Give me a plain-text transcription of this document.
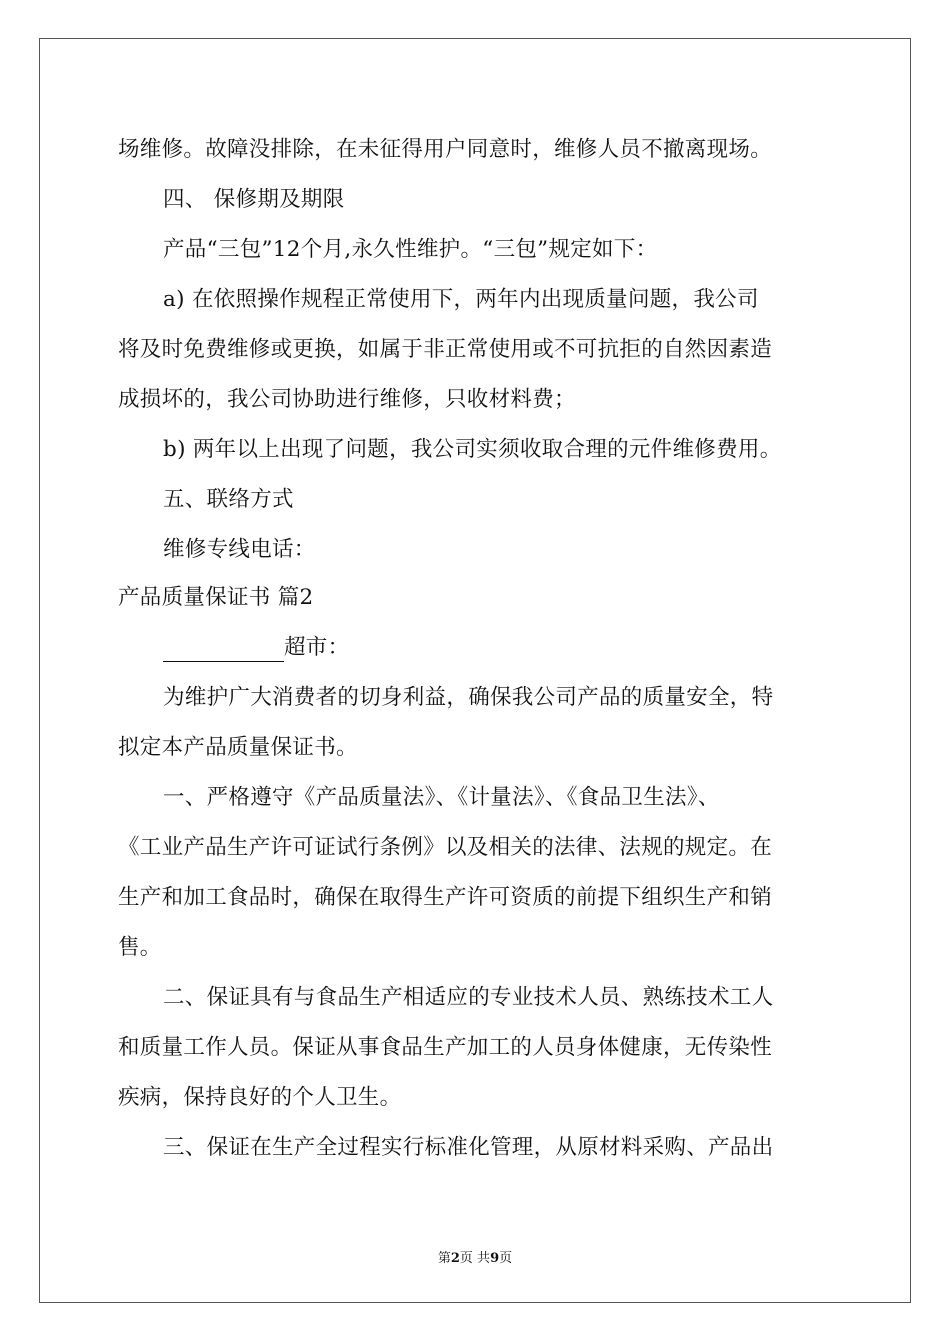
场维修。故障没排除，在未征得用户同意时，维修人员不撤离现场。
四、 保修期及期限
产品“三包”12个月,永久性维护。“三包”规定如下：
a) 在依照操作规程正常使用下，两年内出现质量问题，我公司
将及时免费维修或更换，如属于非正常使用或不可抗拒的自然因素造
成损坏的，我公司协助进行维修，只收材料费；
b) 两年以上出现了问题，我公司实须收取合理的元件维修费用。
五、联络方式
维修专线电话：
产品质量保证书 篇2
超市：
为维护广大消费者的切身利益，确保我公司产品的质量安全，特
拟定本产品质量保证书。
一、严格遵守《产品质量法》、《计量法》、《食品卫生法》、
《工业产品生产许可证试行条例》以及相关的法律、法规的规定。在
生产和加工食品时，确保在取得生产许可资质的前提下组织生产和销
售。
二、保证具有与食品生产相适应的专业技术人员、熟练技术工人
和质量工作人员。保证从事食品生产加工的人员身体健康，无传染性
疾病，保持良好的个人卫生。
三、保证在生产全过程实行标准化管理，从原材料采购、产品出
第2页 共9页
